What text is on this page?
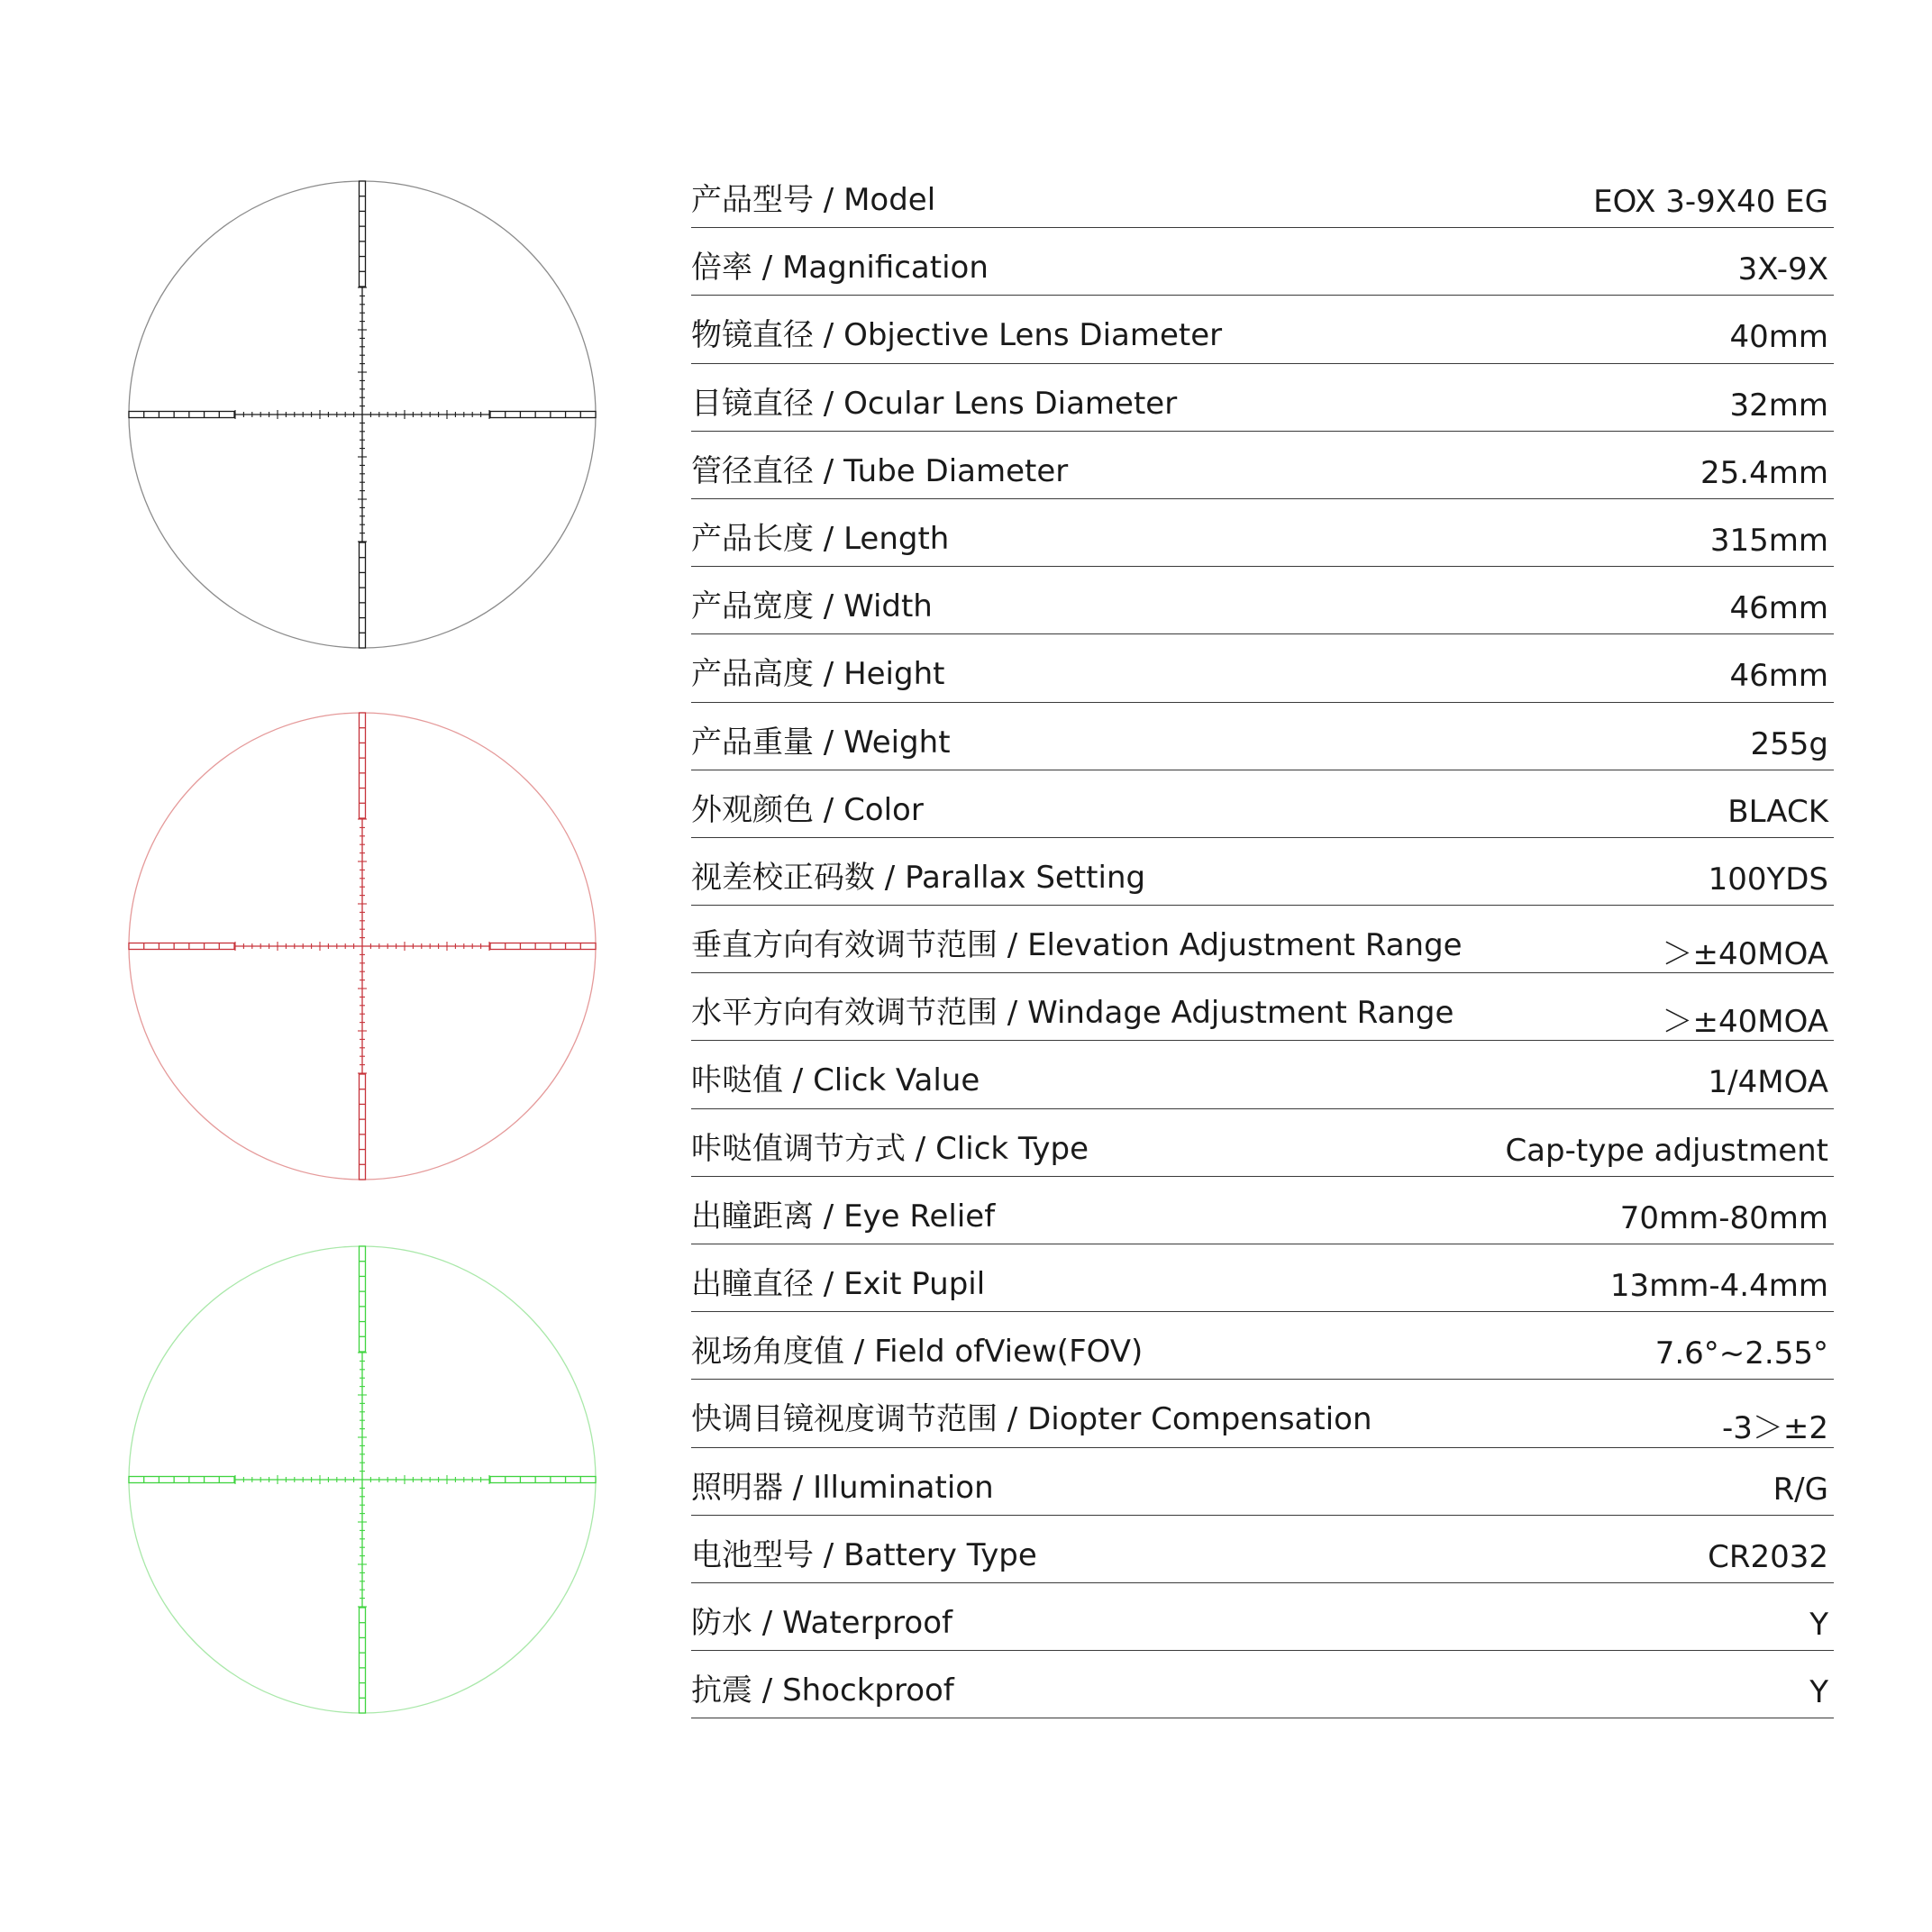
产品型号 / Model	EOX 3-9X40 EG
倍率 / Magnification	3X-9X
物镜直径 / Objective Lens Diameter	40mm
目镜直径 / Ocular Lens Diameter	32mm
管径直径 / Tube Diameter	25.4mm
产品长度 / Length	315mm
产品宽度 / Width	46mm
产品高度 / Height	46mm
产品重量 / Weight	255g
外观颜色 / Color	BLACK
视差校正码数 / Parallax Setting	100YDS
垂直方向有效调节范围 / Elevation Adjustment Range	＞±40MOA
水平方向有效调节范围 / Windage Adjustment Range	＞±40MOA
咔哒值 / Click Value	1/4MOA
咔哒值调节方式 / Click Type	Cap-type adjustment
出瞳距离 / Eye Relief	70mm-80mm
出瞳直径 / Exit Pupil	13mm-4.4mm
视场角度值 / Field ofView(FOV)	7.6°~2.55°
快调目镜视度调节范围 / Diopter Compensation	-3＞±2
照明器 / Illumination	R/G
电池型号 / Battery Type	CR2032
防水 / Waterproof	Y
抗震 / Shockproof	Y
